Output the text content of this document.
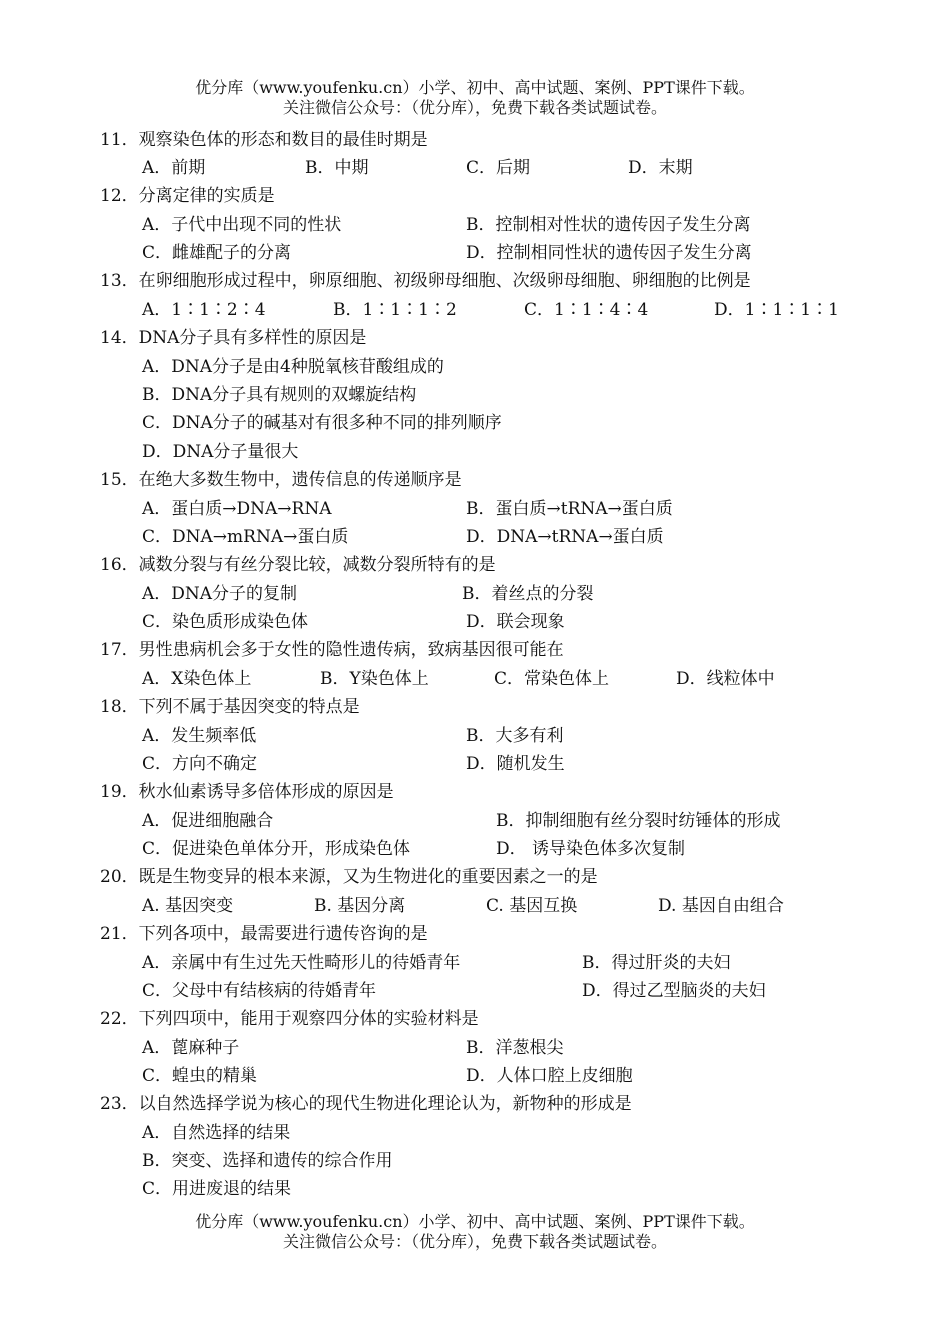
优分库（www.youfenku.cn）小学、初中、高中试题、案例、PPT课件下载。
关注微信公众号：（优分库），免费下载各类试题试卷。
11．观察染色体的形态和数目的最佳时期是
A．前期	B．中期	C．后期	D．末期
12．分离定律的实质是
A．子代中出现不同的性状	B．控制相对性状的遗传因子发生分离
C．雌雄配子的分离	D．控制相同性状的遗传因子发生分离
13．在卵细胞形成过程中，卵原细胞、初级卵母细胞、次级卵母细胞、卵细胞的比例是
A．1∶1∶2∶4	B．1∶1∶1∶2	C．1∶1∶4∶4	D．1∶1∶1∶1
14．DNA分子具有多样性的原因是
A．DNA分子是由4种脱氧核苷酸组成的
B．DNA分子具有规则的双螺旋结构
C．DNA分子的碱基对有很多种不同的排列顺序
D．DNA分子量很大
15．在绝大多数生物中，遗传信息的传递顺序是
A．蛋白质→DNA→RNA	B．蛋白质→tRNA→蛋白质
C．DNA→mRNA→蛋白质	D．DNA→tRNA→蛋白质
16．减数分裂与有丝分裂比较，减数分裂所特有的是
A．DNA分子的复制	B．着丝点的分裂
C．染色质形成染色体	D．联会现象
17．男性患病机会多于女性的隐性遗传病，致病基因很可能在
A．X染色体上	B．Y染色体上	C．常染色体上	D．线粒体中
18．下列不属于基因突变的特点是
A．发生频率低	B．大多有利
C．方向不确定	D．随机发生
19．秋水仙素诱导多倍体形成的原因是
A．促进细胞融合	B．抑制细胞有丝分裂时纺锤体的形成
C．促进染色单体分开，形成染色体	D． 诱导染色体多次复制
20．既是生物变异的根本来源，又为生物进化的重要因素之一的是
A. 基因突变	B. 基因分离	C. 基因互换	D. 基因自由组合
21．下列各项中，最需要进行遗传咨询的是
A．亲属中有生过先天性畸形儿的待婚青年	B．得过肝炎的夫妇
C．父母中有结核病的待婚青年	D．得过乙型脑炎的夫妇
22．下列四项中，能用于观察四分体的实验材料是
A．蓖麻种子	B．洋葱根尖
C．蝗虫的精巢	D．人体口腔上皮细胞
23．以自然选择学说为核心的现代生物进化理论认为，新物种的形成是
A．自然选择的结果
B．突变、选择和遗传的综合作用
C．用进废退的结果
优分库（www.youfenku.cn）小学、初中、高中试题、案例、PPT课件下载。
关注微信公众号：（优分库），免费下载各类试题试卷。
